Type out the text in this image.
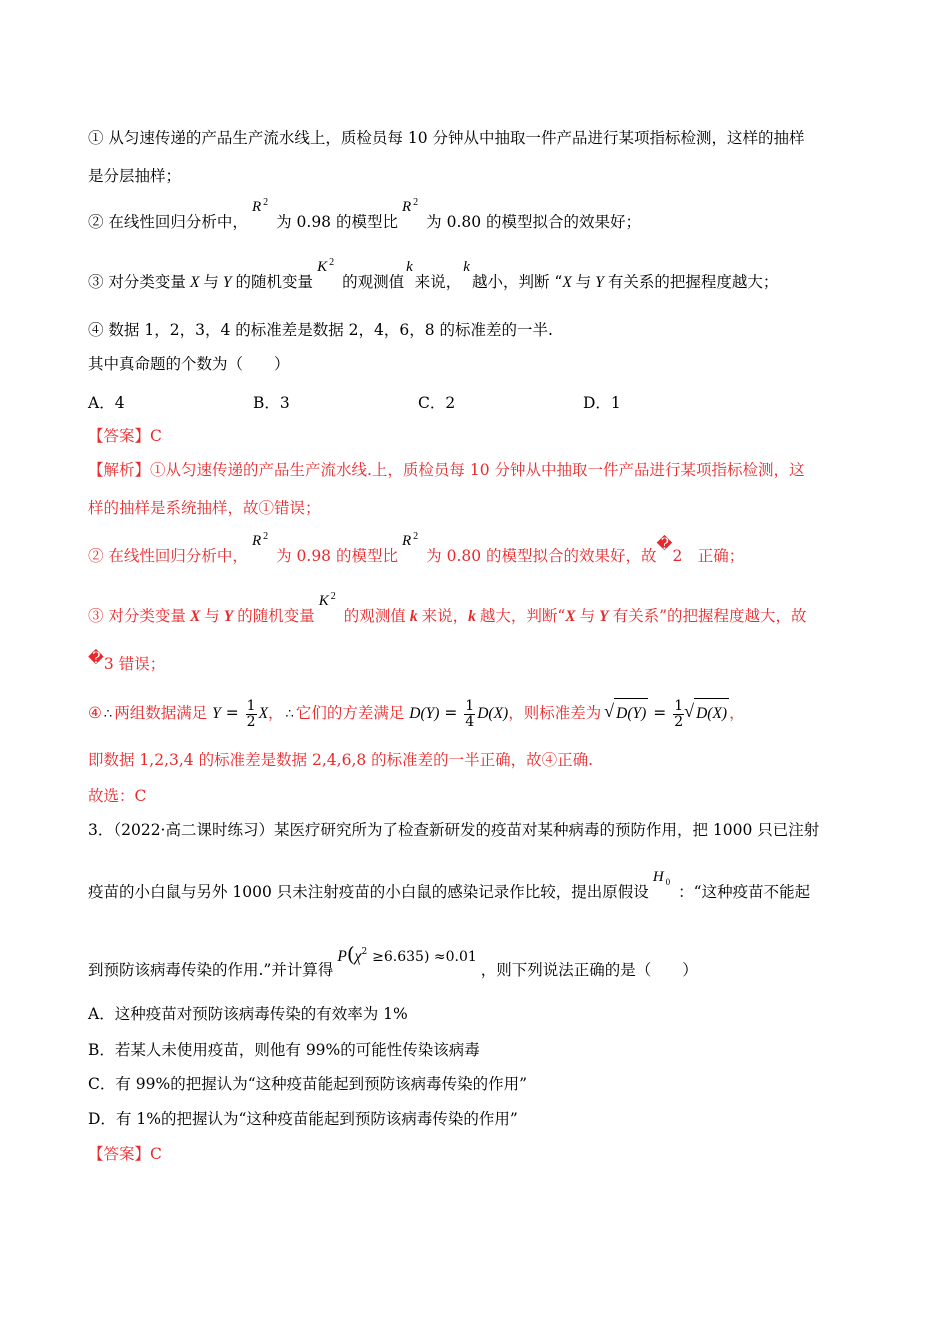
① 从匀速传递的产品生产流水线上，质检员每 10 分钟从中抽取一件产品进行某项指标检测，这样的抽样
是分层抽样；
② 在线性回归分析中，R $^2$为 0.98 的模型比R $^2$为 0.80 的模型拟合的效果好；
③ 对分类变量 X 与 Y 的随机变量K $^2$的观测值k来说，k越小，判断 “X 与 Y 有关系的把握程度越大；
④ 数据 1，2，3，4 的标准差是数据 2，4，6，8 的标准差的一半.
其中真命题的个数为（　　）
A．4	B．3	C．2	D．1
【答案】C
【解析】①从匀速传递的产品生产流水线.上，质检员每 10 分钟从中抽取一件产品进行某项指标检测，这
样的抽样是系统抽样，故①错误；
② 在线性回归分析中，R $^2$为 0.98 的模型比R $^2$为 0.80 的模型拟合的效果好，故�2　正确；
③ 对分类变量 X 与 Y 的随机变量K $^2$的观测值 k 来说，k 越大，判断“X 与 Y 有关系”的把握程度越大，故
�3 错误；
④ ∴ 两组数据满足 $Y = \frac{1}{2}$ X， ∴ 它们的方差满足 $D(Y) = \frac{1}{4} D(X)$，则标准差为 √ $D(Y) = \frac{1}{2}$ √ D(X) ，
即数据 1,2,3,4 的标准差是数据 2,4,6,8 的标准差的一半正确，故④正确.
故选：C
3．（2022·高二课时练习）某医疗研究所为了检查新研发的疫苗对某种病毒的预防作用，把 1000 只已注射
疫苗的小白鼠与另外 1000 只未注射疫苗的小白鼠的感染记录作比较，提出原假设H $_0$：“这种疫苗不能起
到预防该病毒传染的作用.”并计算得$P(\chi^2 \ge 6.635) \approx 0.01$，则下列说法正确的是（　　）
A．这种疫苗对预防该病毒传染的有效率为 1%
B．若某人未使用疫苗，则他有 99%的可能性传染该病毒
C．有 99%的把握认为“这种疫苗能起到预防该病毒传染的作用”
D．有 1%的把握认为“这种疫苗能起到预防该病毒传染的作用”
【答案】C
